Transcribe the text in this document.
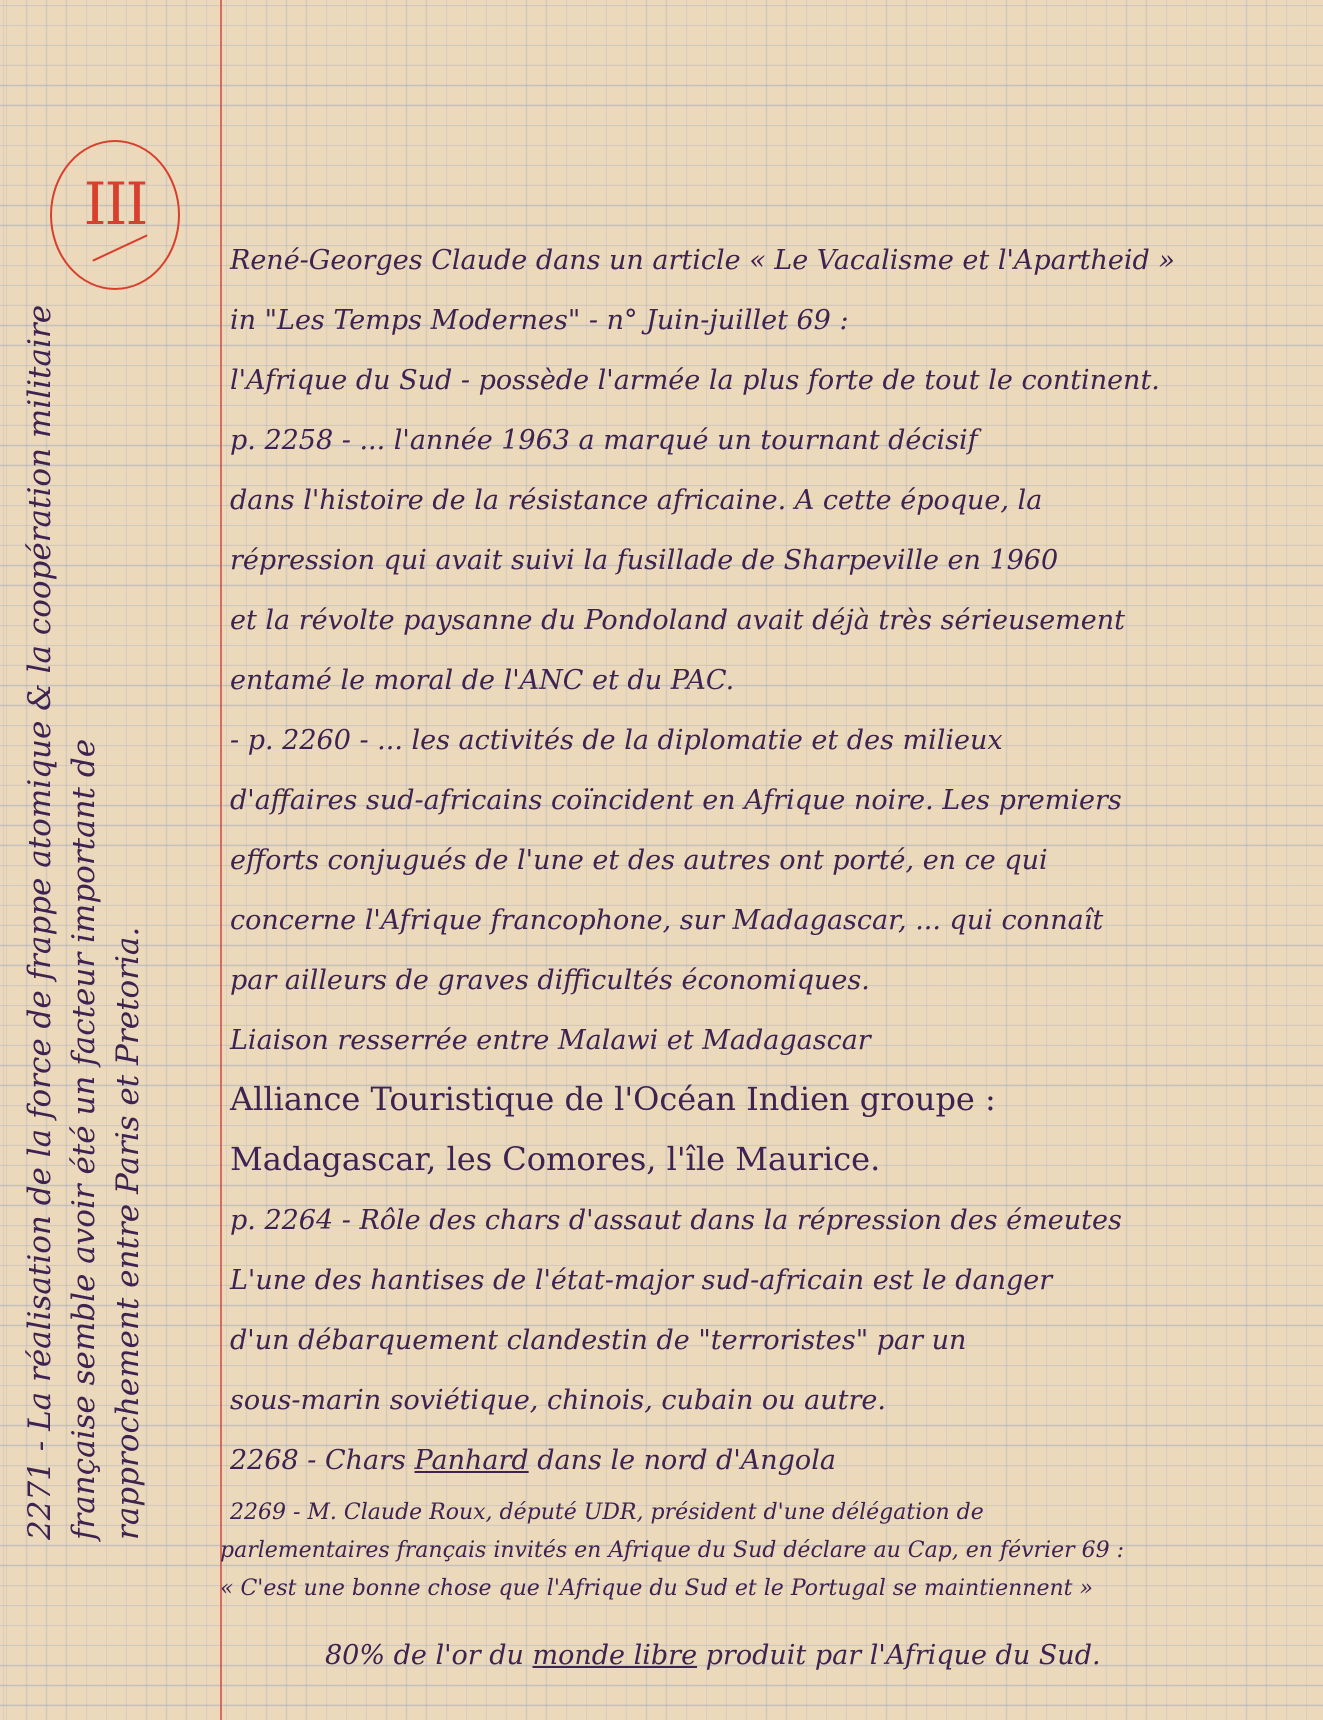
III
2271 - La réalisation de la force de frappe atomique & la coopération militaire française semble avoir été un facteur important de rapprochement entre Paris et Pretoria.
René-Georges Claude dans un article « Le Vacalisme et l'Apartheid »
in "Les Temps Modernes" - n° Juin-juillet 69 :
l'Afrique du Sud - possède l'armée la plus forte de tout le continent.
p. 2258 - ... l'année 1963 a marqué un tournant décisif
dans l'histoire de la résistance africaine. A cette époque, la
répression qui avait suivi la fusillade de Sharpeville en 1960
et la révolte paysanne du Pondoland avait déjà très sérieusement
entamé le moral de l'ANC et du PAC.
- p. 2260 - ... les activités de la diplomatie et des milieux
d'affaires sud-africains coïncident en Afrique noire. Les premiers
efforts conjugués de l'une et des autres ont porté, en ce qui
concerne l'Afrique francophone, sur Madagascar, ... qui connaît
par ailleurs de graves difficultés économiques.
Liaison resserrée entre Malawi et Madagascar
Alliance Touristique de l'Océan Indien groupe :
Madagascar, les Comores, l'île Maurice.
p. 2264 - Rôle des chars d'assaut dans la répression des émeutes
L'une des hantises de l'état-major sud-africain est le danger
d'un débarquement clandestin de "terroristes" par un
sous-marin soviétique, chinois, cubain ou autre.
2268 - Chars Panhard dans le nord d'Angola
2269 - M. Claude Roux, député UDR, président d'une délégation de
parlementaires français invités en Afrique du Sud déclare au Cap, en février 69 :
« C'est une bonne chose que l'Afrique du Sud et le Portugal se maintiennent »
80% de l'or du monde libre produit par l'Afrique du Sud.
